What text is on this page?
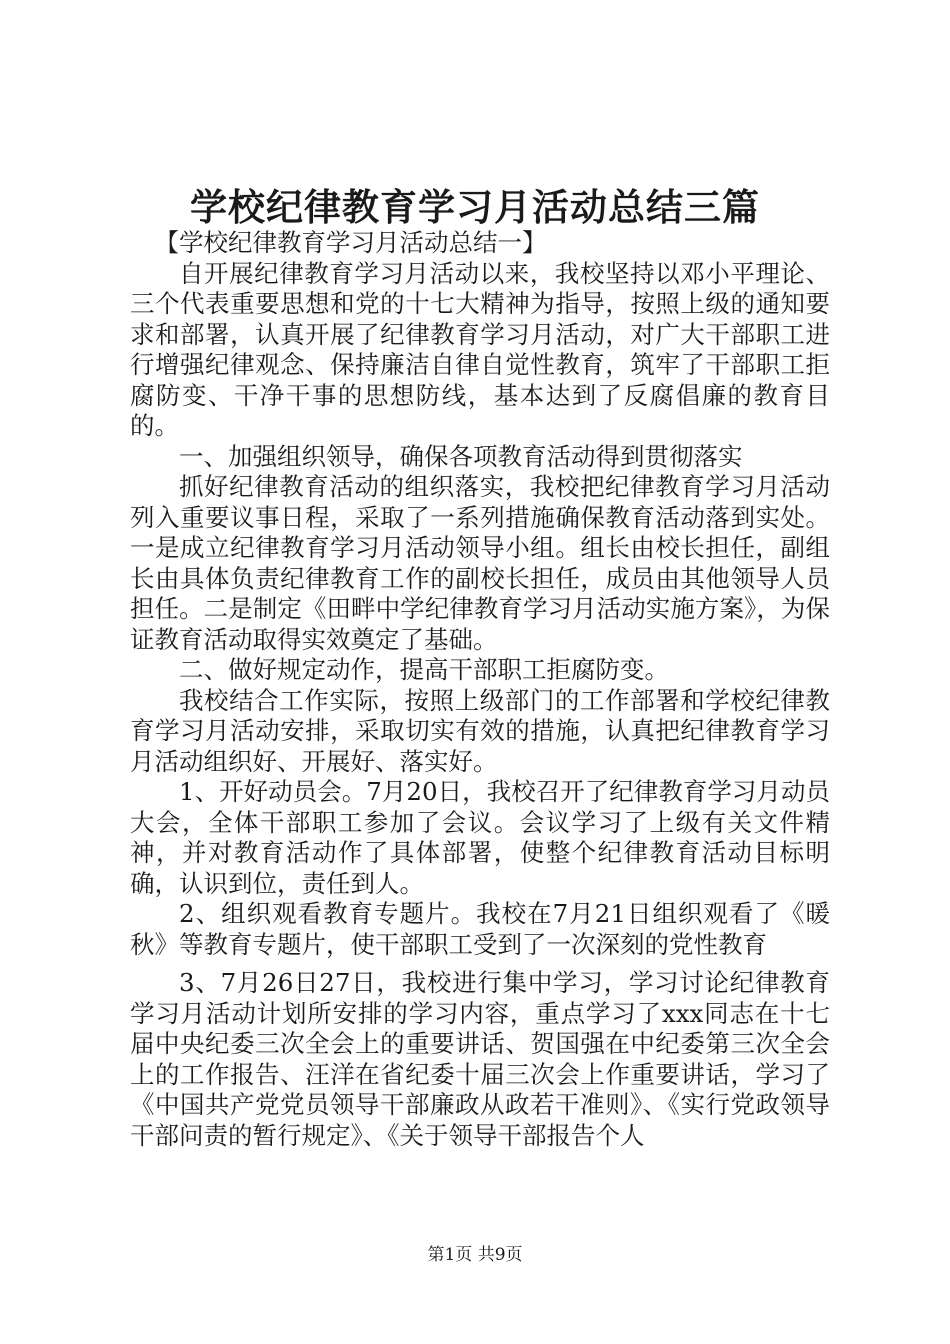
学校纪律教育学习月活动总结三篇

【学校纪律教育学习月活动总结一】

自开展纪律教育学习月活动以来，我校坚持以邓小平理论、三个代表重要思想和党的十七大精神为指导，按照上级的通知要求和部署，认真开展了纪律教育学习月活动，对广大干部职工进行增强纪律观念、保持廉洁自律自觉性教育，筑牢了干部职工拒腐防变、干净干事的思想防线，基本达到了反腐倡廉的教育目的。

一、加强组织领导，确保各项教育活动得到贯彻落实

抓好纪律教育活动的组织落实，我校把纪律教育学习月活动列入重要议事日程，采取了一系列措施确保教育活动落到实处。一是成立纪律教育学习月活动领导小组。组长由校长担任，副组长由具体负责纪律教育工作的副校长担任，成员由其他领导人员担任。二是制定《田畔中学纪律教育学习月活动实施方案》，为保证教育活动取得实效奠定了基础。

二、做好规定动作，提高干部职工拒腐防变。

我校结合工作实际，按照上级部门的工作部署和学校纪律教育学习月活动安排，采取切实有效的措施，认真把纪律教育学习月活动组织好、开展好、落实好。

1、开好动员会。7月20日，我校召开了纪律教育学习月动员大会，全体干部职工参加了会议。会议学习了上级有关文件精神，并对教育活动作了具体部署，使整个纪律教育活动目标明确，认识到位，责任到人。

2、组织观看教育专题片。我校在7月21日组织观看了《暖秋》等教育专题片，使干部职工受到了一次深刻的党性教育

3、7月26日27日，我校进行集中学习，学习讨论纪律教育学习月活动计划所安排的学习内容，重点学习了xxx同志在十七届中央纪委三次全会上的重要讲话、贺国强在中纪委第三次全会上的工作报告、汪洋在省纪委十届三次会上作重要讲话，学习了《中国共产党党员领导干部廉政从政若干准则》、《实行党政领导干部问责的暂行规定》、《关于领导干部报告个人

第1页 共9页
